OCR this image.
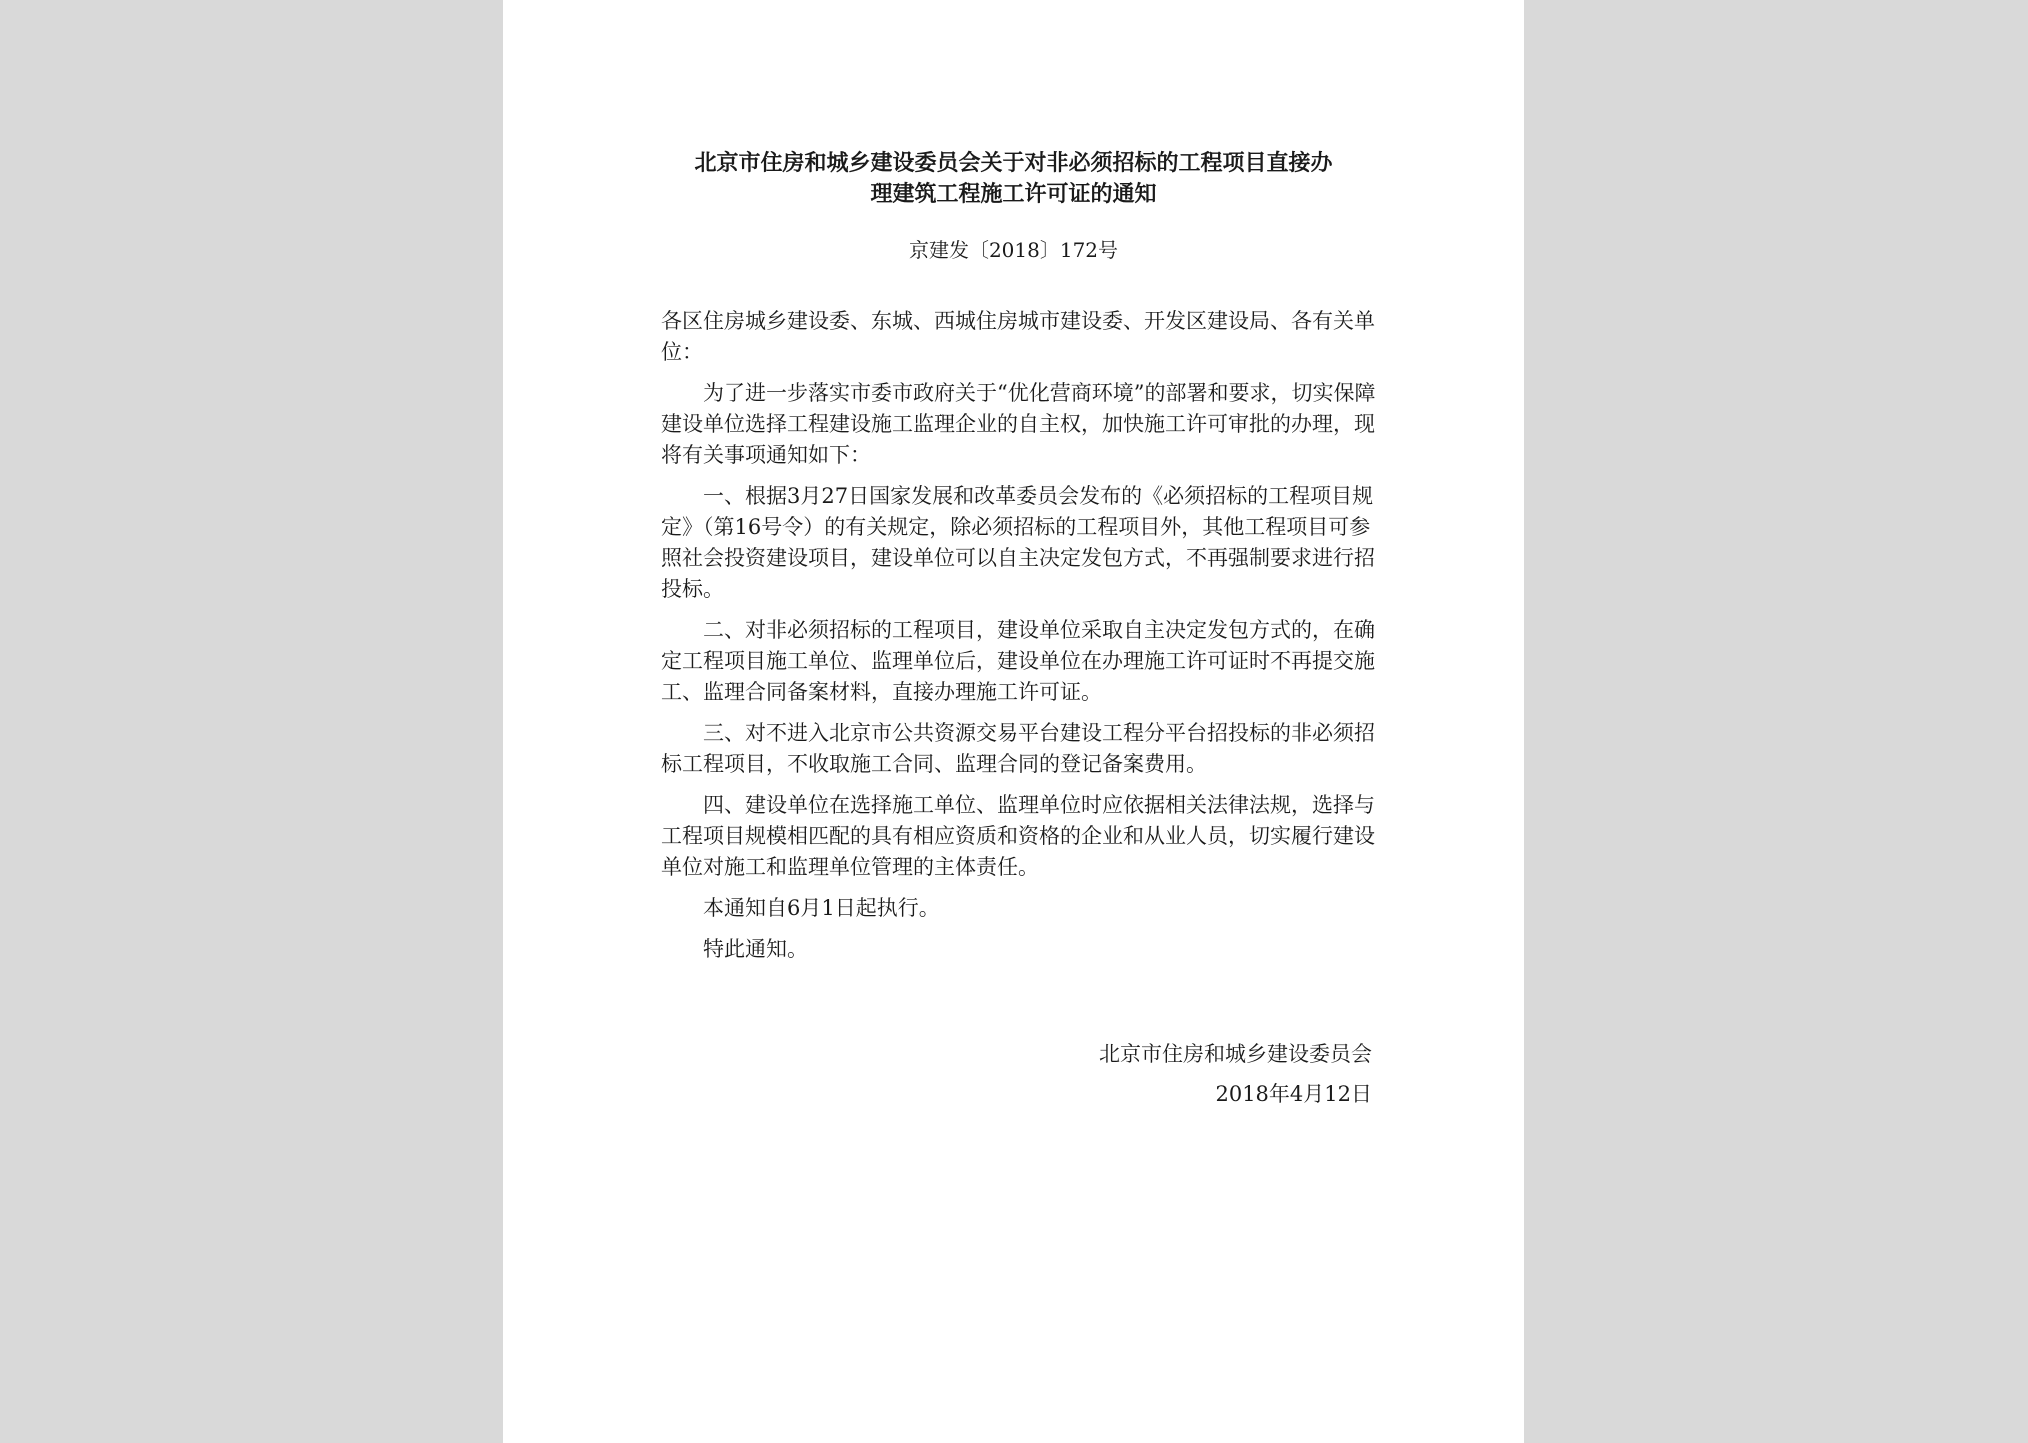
北京市住房和城乡建设委员会关于对非必须招标的工程项目直接办
理建筑工程施工许可证的通知
京建发〔2018〕172号

各区住房城乡建设委、东城、西城住房城市建设委、开发区建设局、各有关单位：

为了进一步落实市委市政府关于“优化营商环境”的部署和要求，切实保障建设单位选择工程建设施工监理企业的自主权，加快施工许可审批的办理，现将有关事项通知如下：

一、根据3月27日国家发展和改革委员会发布的《必须招标的工程项目规定》（第16号令）的有关规定，除必须招标的工程项目外，其他工程项目可参照社会投资建设项目，建设单位可以自主决定发包方式，不再强制要求进行招投标。

二、对非必须招标的工程项目，建设单位采取自主决定发包方式的，在确定工程项目施工单位、监理单位后，建设单位在办理施工许可证时不再提交施工、监理合同备案材料，直接办理施工许可证。

三、对不进入北京市公共资源交易平台建设工程分平台招投标的非必须招标工程项目，不收取施工合同、监理合同的登记备案费用。

四、建设单位在选择施工单位、监理单位时应依据相关法律法规，选择与工程项目规模相匹配的具有相应资质和资格的企业和从业人员，切实履行建设单位对施工和监理单位管理的主体责任。

本通知自6月1日起执行。

特此通知。

北京市住房和城乡建设委员会
2018年4月12日
